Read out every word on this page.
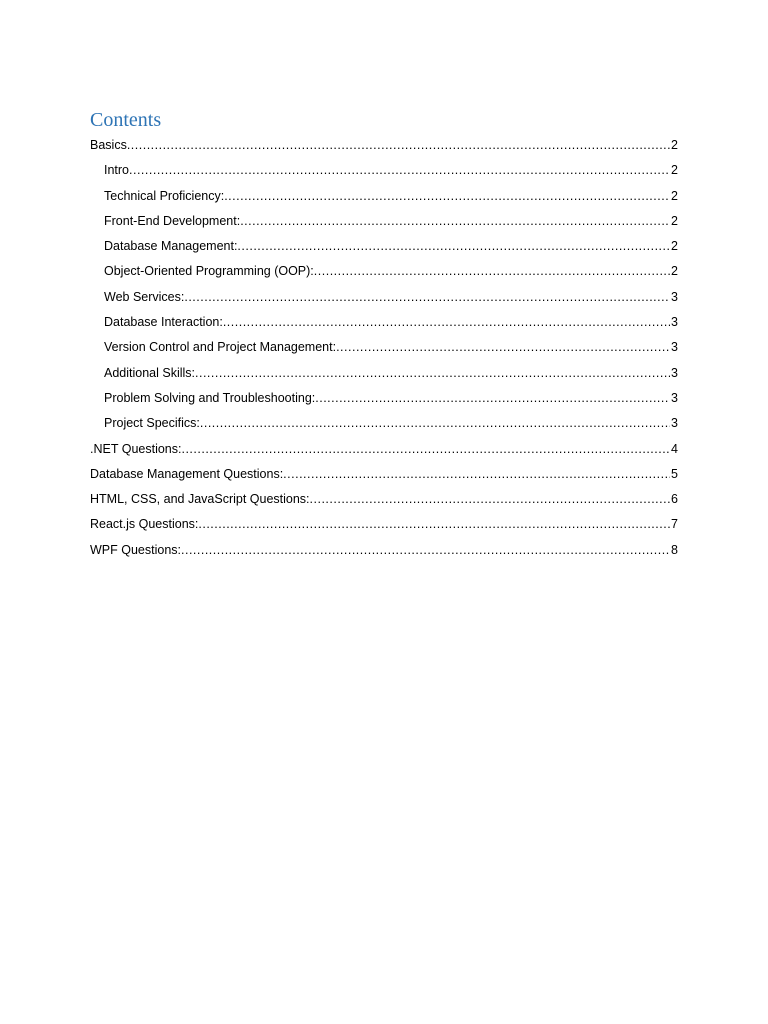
Contents
Basics .....	2
Intro .....	2
Technical Proficiency: .....	2
Front-End Development: .....	2
Database Management: .....	2
Object-Oriented Programming (OOP): .....	2
Web Services: .....	3
Database Interaction: .....	3
Version Control and Project Management: .....	3
Additional Skills: .....	3
Problem Solving and Troubleshooting: .....	3
Project Specifics: .....	3
.NET Questions: .....	4
Database Management Questions: .....	5
HTML, CSS, and JavaScript Questions: .....	6
React.js Questions: .....	7
WPF Questions: .....	8
